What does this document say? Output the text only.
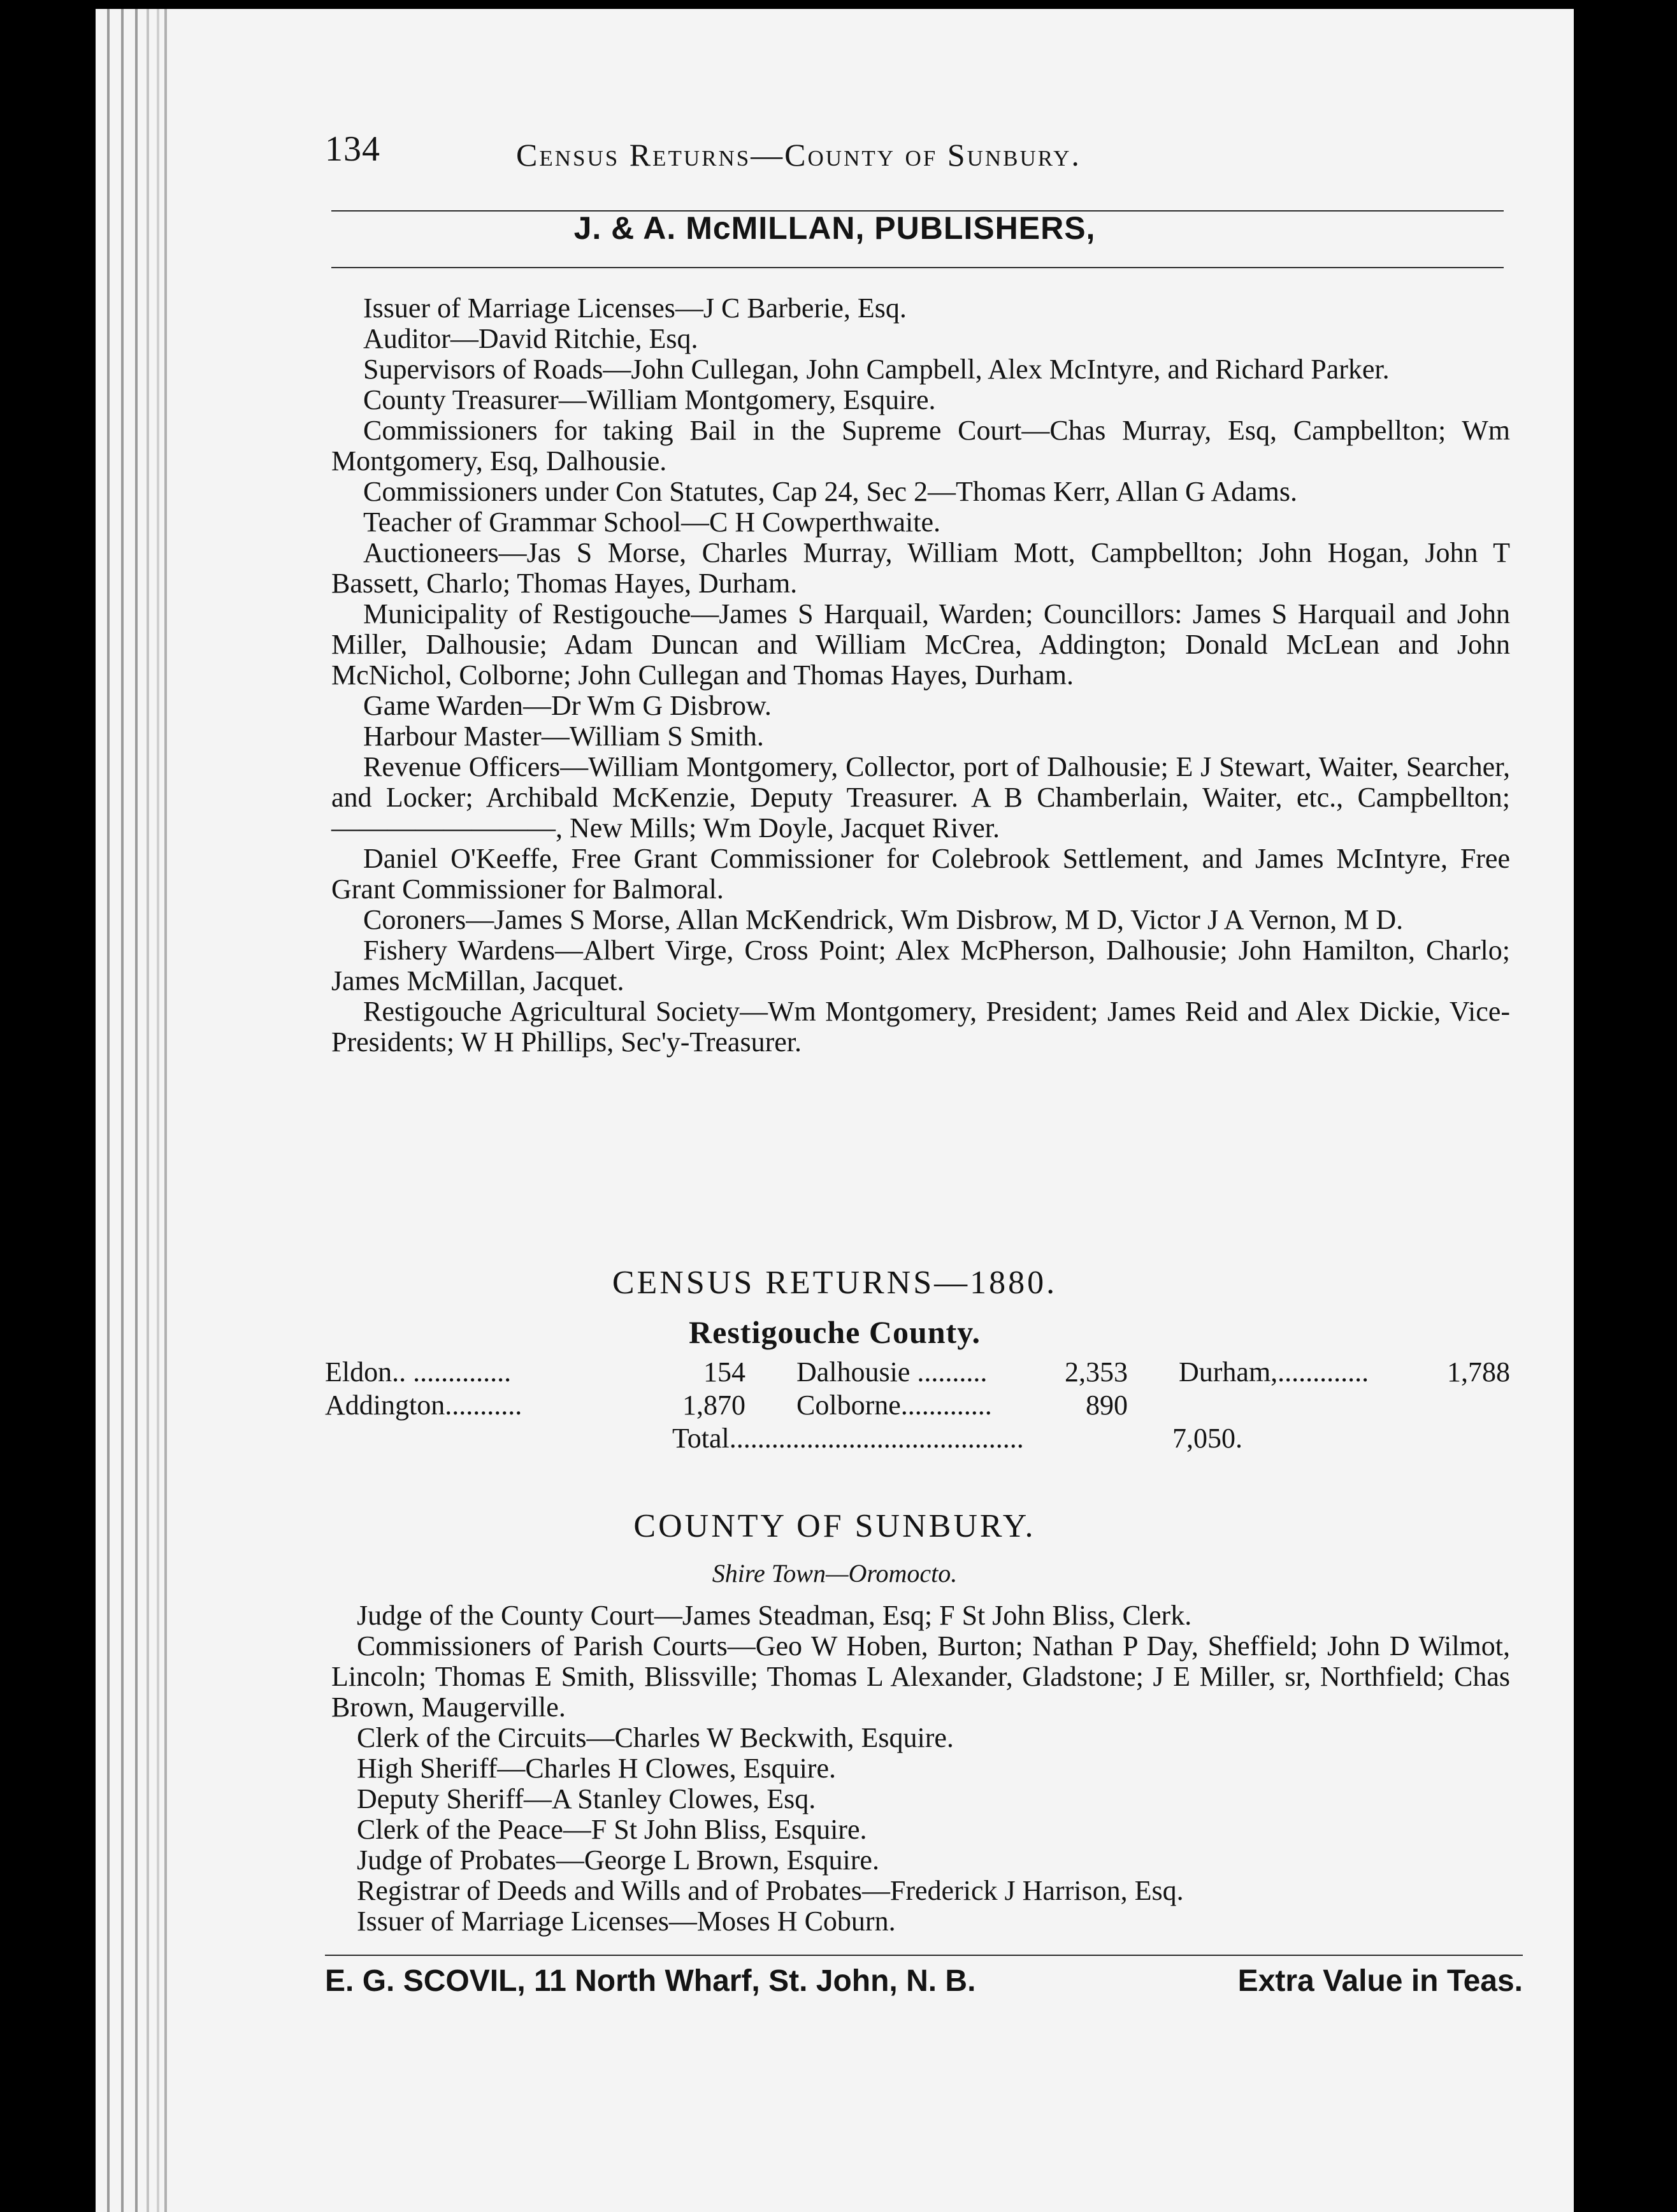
134	Census Returns—County of Sunbury.
J. & A. McMILLAN, PUBLISHERS,

Issuer of Marriage Licenses—J C Barberie, Esq.

Auditor—David Ritchie, Esq.

Supervisors of Roads—John Cullegan, John Campbell, Alex McIntyre, and Richard Parker.

County Treasurer—William Montgomery, Esquire.

Commissioners for taking Bail in the Supreme Court—Chas Murray, Esq, Campbellton; Wm Montgomery, Esq, Dalhousie.

Commissioners under Con Statutes, Cap 24, Sec 2—Thomas Kerr, Allan G Adams.

Teacher of Grammar School—C H Cowperthwaite.

Auctioneers—Jas S Morse, Charles Murray, William Mott, Campbellton; John Hogan, John T Bassett, Charlo; Thomas Hayes, Durham.

Municipality of Restigouche—James S Harquail, Warden; Councillors: James S Harquail and John Miller, Dalhousie; Adam Duncan and William McCrea, Addington; Donald McLean and John McNichol, Colborne; John Cullegan and Thomas Hayes, Durham.

Game Warden—Dr Wm G Disbrow.

Harbour Master—William S Smith.

Revenue Officers—William Montgomery, Collector, port of Dalhousie; E J Stewart, Waiter, Searcher, and Locker; Archibald McKenzie, Deputy Treasurer. A B Chamberlain, Waiter, etc., Campbellton; ————————, New Mills; Wm Doyle, Jacquet River.

Daniel O'Keeffe, Free Grant Commissioner for Colebrook Settlement, and James McIntyre, Free Grant Commissioner for Balmoral.

Coroners—James S Morse, Allan McKendrick, Wm Disbrow, M D, Victor J A Vernon, M D.

Fishery Wardens—Albert Virge, Cross Point; Alex McPherson, Dalhousie; John Hamilton, Charlo; James McMillan, Jacquet.

Restigouche Agricultural Society—Wm Montgomery, President; James Reid and Alex Dickie, Vice-Presidents; W H Phillips, Sec'y-Treasurer.

CENSUS RETURNS—1880.
Restigouche County.
Eldon.. ..............	154 Dalhousie ..........	2,353 Durham,.............	1,788
Addington...........	1,870 Colborne.............	890
Total..........................................	7,050.
COUNTY OF SUNBURY.
Shire Town—Oromocto.

Judge of the County Court—James Steadman, Esq; F St John Bliss, Clerk.

Commissioners of Parish Courts—Geo W Hoben, Burton; Nathan P Day, Sheffield; John D Wilmot, Lincoln; Thomas E Smith, Blissville; Thomas L Alexander, Gladstone; J E Miller, sr, Northfield; Chas Brown, Maugerville.

Clerk of the Circuits—Charles W Beckwith, Esquire.

High Sheriff—Charles H Clowes, Esquire.

Deputy Sheriff—A Stanley Clowes, Esq.

Clerk of the Peace—F St John Bliss, Esquire.

Judge of Probates—George L Brown, Esquire.

Registrar of Deeds and Wills and of Probates—Frederick J Harrison, Esq.

Issuer of Marriage Licenses—Moses H Coburn.

E. G. SCOVIL, 11 North Wharf, St. John, N. B.	Extra Value in Teas.
